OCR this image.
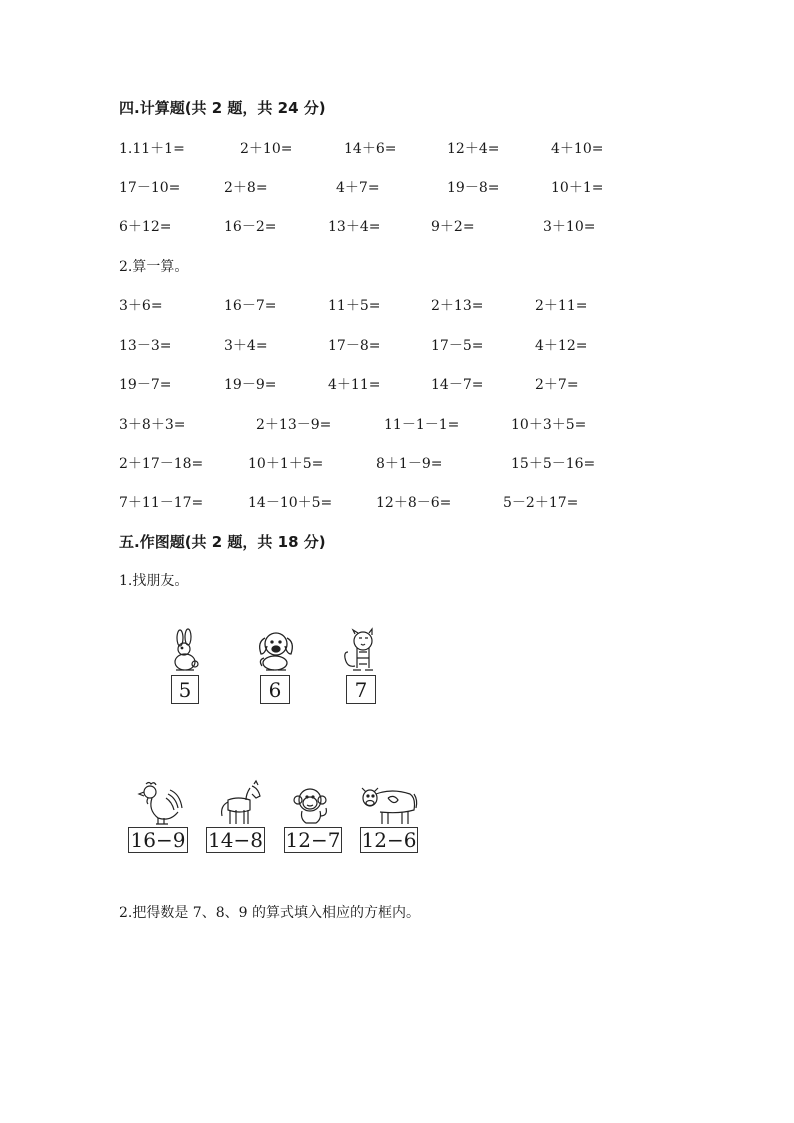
四.计算题(共 2 题，共 24 分)
1.11＋1=	2＋10=	14＋6=	12＋4=	4＋10=
17－10=	2＋8=	4＋7=	19－8=	10＋1=
6＋12=	16－2=	13＋4=	9＋2=	3＋10=
2.算一算。
3＋6=	16－7=	11＋5=	2＋13=	2＋11=
13－3=	3＋4=	17－8=	17－5=	4＋12=
19－7=	19－9=	4＋11=	14－7=	2＋7=
3＋8＋3=	2＋13－9=	11－1－1=	10＋3＋5=
2＋17－18=	10＋1＋5=	8＋1－9=	15＋5－16=
7＋11－17=	14－10＋5=	12＋8－6=	5－2＋17=
五.作图题(共 2 题，共 18 分)
1.找朋友。
5	6	7
16−9 14−8 12−7 12−6
2.把得数是 7、8、9 的算式填入相应的方框内。
